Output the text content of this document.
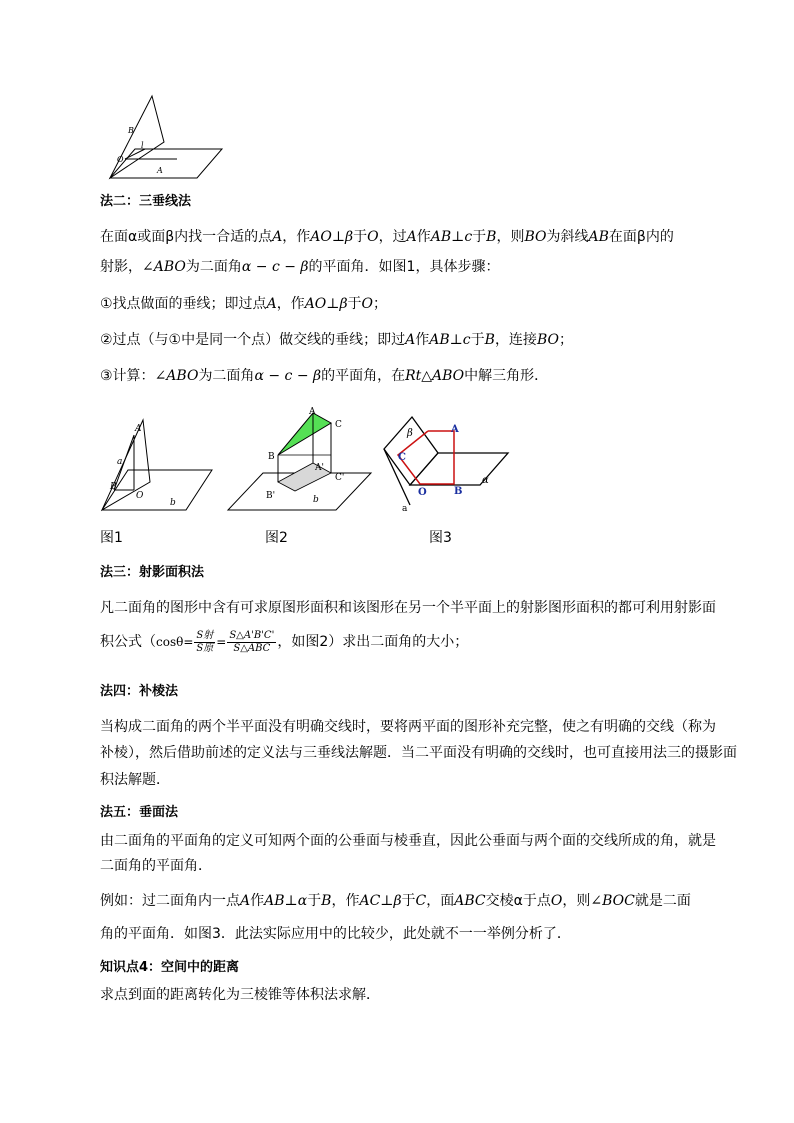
B
l
O
A
法二：三垂线法
在面α或面β内找一合适的点A，作AO⊥β于O，过A作AB⊥c于B，则BO为斜线AB在面β内的
射影，∠ABO为二面角α − c − β的平面角．如图1，具体步骤：
①找点做面的垂线；即过点A，作AO⊥β于O；
②过点（与①中是同一个点）做交线的垂线；即过A作AB⊥c于B，连接BO；
③计算：∠ABO为二面角α − c − β的平面角，在Rt△ABO中解三角形．
A
a
B
O
b
A
C
B
A'
C'
B'	b
β	A
C
O	B
α
a
图1	图2	图3
法三：射影面积法
凡二面角的图形中含有可求原图形面积和该图形在另一个半平面上的射影图形面积的都可利用射影面
积公式（$\cos\theta= \frac{\text{S射}}{\text{S原}} = \frac{S\triangle A'B'C'}{\text{S△ABC}}$ ，如图2）求出二面角的大小；
法四：补棱法
当构成二面角的两个半平面没有明确交线时，要将两平面的图形补充完整，使之有明确的交线（称为
补棱），然后借助前述的定义法与三垂线法解题．当二平面没有明确的交线时，也可直接用法三的摄影面
积法解题．
法五：垂面法
由二面角的平面角的定义可知两个面的公垂面与棱垂直，因此公垂面与两个面的交线所成的角，就是
二面角的平面角．
例如：过二面角内一点A作AB⊥α于B，作AC⊥β于C，面ABC交棱α于点O，则∠BOC就是二面
角的平面角．如图3．此法实际应用中的比较少，此处就不一一举例分析了．
知识点4：空间中的距离
求点到面的距离转化为三棱锥等体积法求解．
